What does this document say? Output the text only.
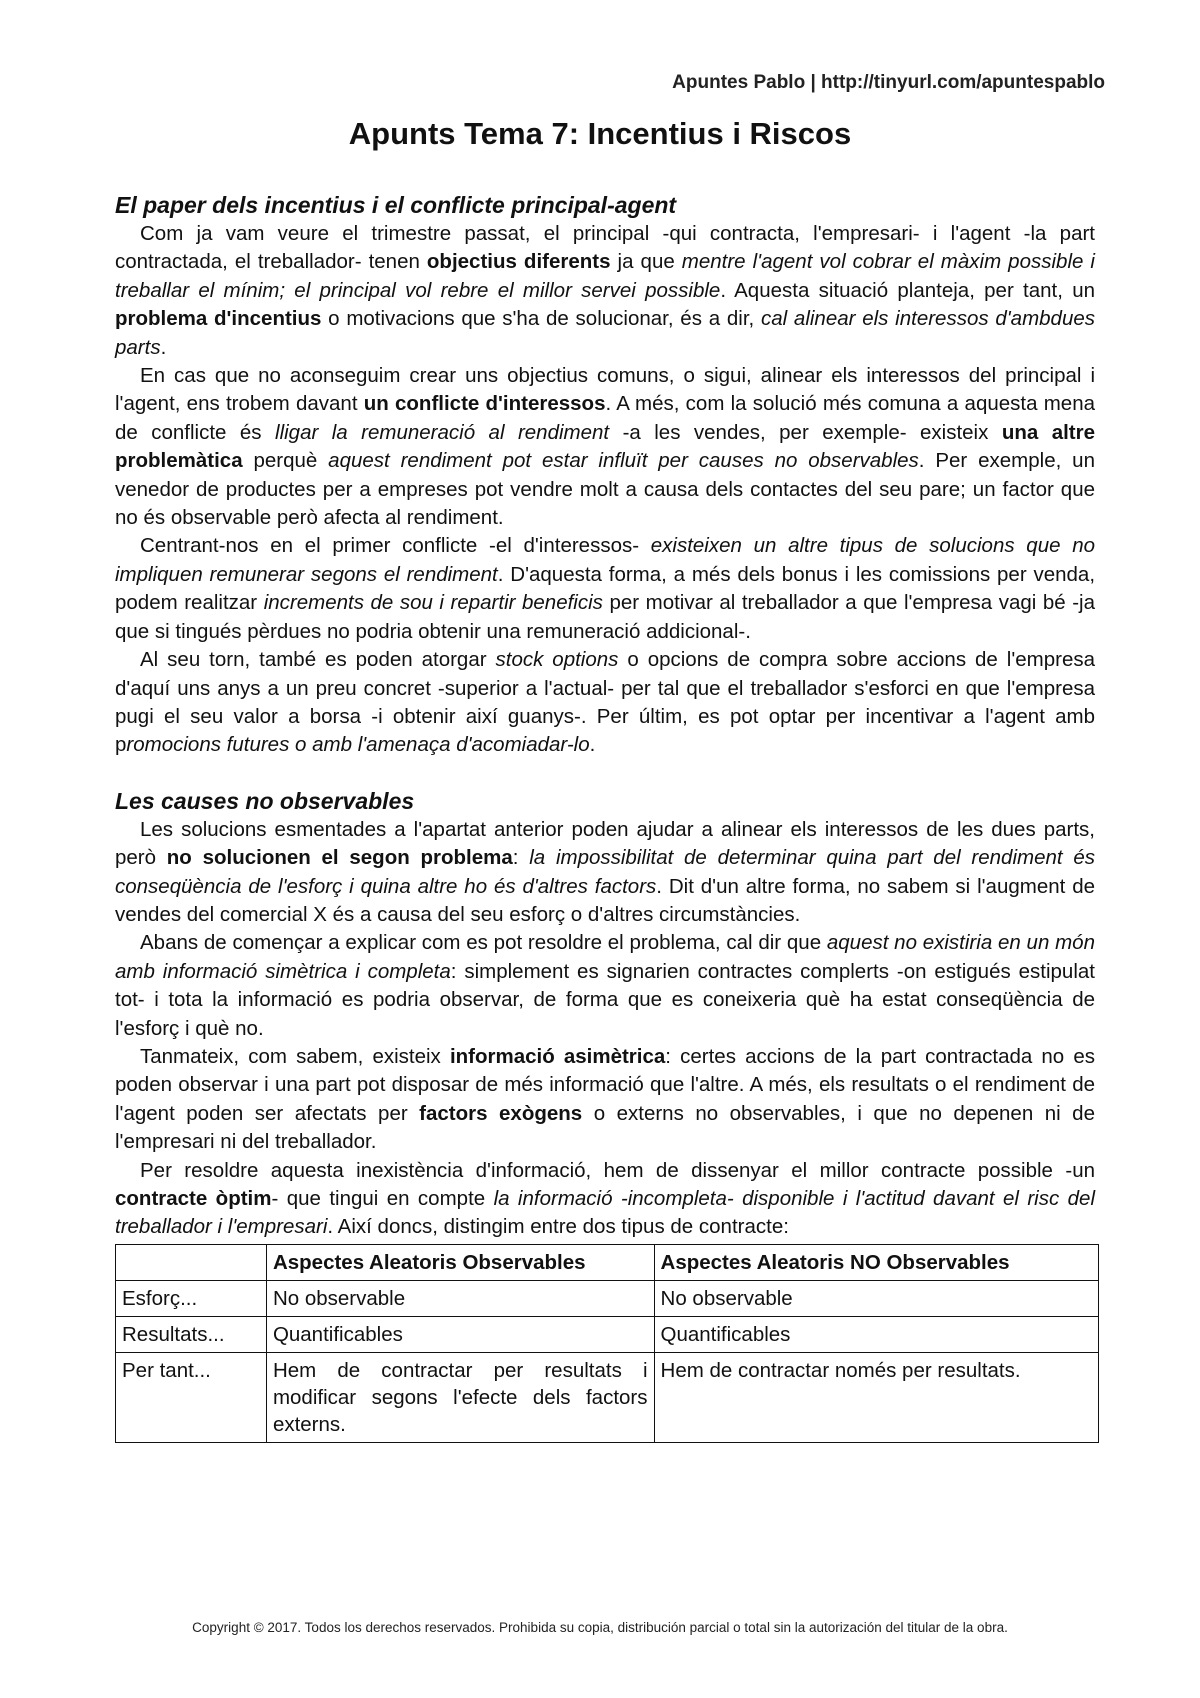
Apuntes Pablo | http://tinyurl.com/apuntespablo
Apunts Tema 7: Incentius i Riscos
El paper dels incentius i el conflicte principal-agent

Com ja vam veure el trimestre passat, el principal -qui contracta, l'empresari- i l'agent -la part contractada, el treballador- tenen objectius diferents ja que mentre l'agent vol cobrar el màxim possible i treballar el mínim; el principal vol rebre el millor servei possible. Aquesta situació planteja, per tant, un problema d'incentius o motivacions que s'ha de solucionar, és a dir, cal alinear els interessos d'ambdues parts.

En cas que no aconseguim crear uns objectius comuns, o sigui, alinear els interessos del principal i l'agent, ens trobem davant un conflicte d'interessos. A més, com la solució més comuna a aquesta mena de conflicte és lligar la remuneració al rendiment -a les vendes, per exemple- existeix una altre problemàtica perquè aquest rendiment pot estar influït per causes no observables. Per exemple, un venedor de productes per a empreses pot vendre molt a causa dels contactes del seu pare; un factor que no és observable però afecta al rendiment.

Centrant-nos en el primer conflicte -el d'interessos- existeixen un altre tipus de solucions que no impliquen remunerar segons el rendiment. D'aquesta forma, a més dels bonus i les comissions per venda, podem realitzar increments de sou i repartir beneficis per motivar al treballador a que l'empresa vagi bé -ja que si tingués pèrdues no podria obtenir una remuneració addicional-.

Al seu torn, també es poden atorgar stock options o opcions de compra sobre accions de l'empresa d'aquí uns anys a un preu concret -superior a l'actual- per tal que el treballador s'esforci en que l'empresa pugi el seu valor a borsa -i obtenir així guanys-. Per últim, es pot optar per incentivar a l'agent amb promocions futures o amb l'amenaça d'acomiadar-lo.

Les causes no observables

Les solucions esmentades a l'apartat anterior poden ajudar a alinear els interessos de les dues parts, però no solucionen el segon problema: la impossibilitat de determinar quina part del rendiment és conseqüència de l'esforç i quina altre ho és d'altres factors. Dit d'un altre forma, no sabem si l'augment de vendes del comercial X és a causa del seu esforç o d'altres circumstàncies.

Abans de començar a explicar com es pot resoldre el problema, cal dir que aquest no existiria en un món amb informació simètrica i completa: simplement es signarien contractes complerts -on estigués estipulat tot- i tota la informació es podria observar, de forma que es coneixeria què ha estat conseqüència de l'esforç i què no.

Tanmateix, com sabem, existeix informació asimètrica: certes accions de la part contractada no es poden observar i una part pot disposar de més informació que l'altre. A més, els resultats o el rendiment de l'agent poden ser afectats per factors exògens o externs no observables, i que no depenen ni de l'empresari ni del treballador.

Per resoldre aquesta inexistència d'informació, hem de dissenyar el millor contracte possible -un contracte òptim- que tingui en compte la informació -incompleta- disponible i l'actitud davant el risc del treballador i l'empresari. Així doncs, distingim entre dos tipus de contracte:

	Aspectes Aleatoris Observables	Aspectes Aleatoris NO Observables
Esforç...	No observable	No observable
Resultats...	Quantificables	Quantificables
Per tant...	Hem de contractar per resultats i modificar segons l'efecte dels factors externs.	Hem de contractar només per resultats.
Copyright © 2017. Todos los derechos reservados. Prohibida su copia, distribución parcial o total sin la autorización del titular de la obra.
